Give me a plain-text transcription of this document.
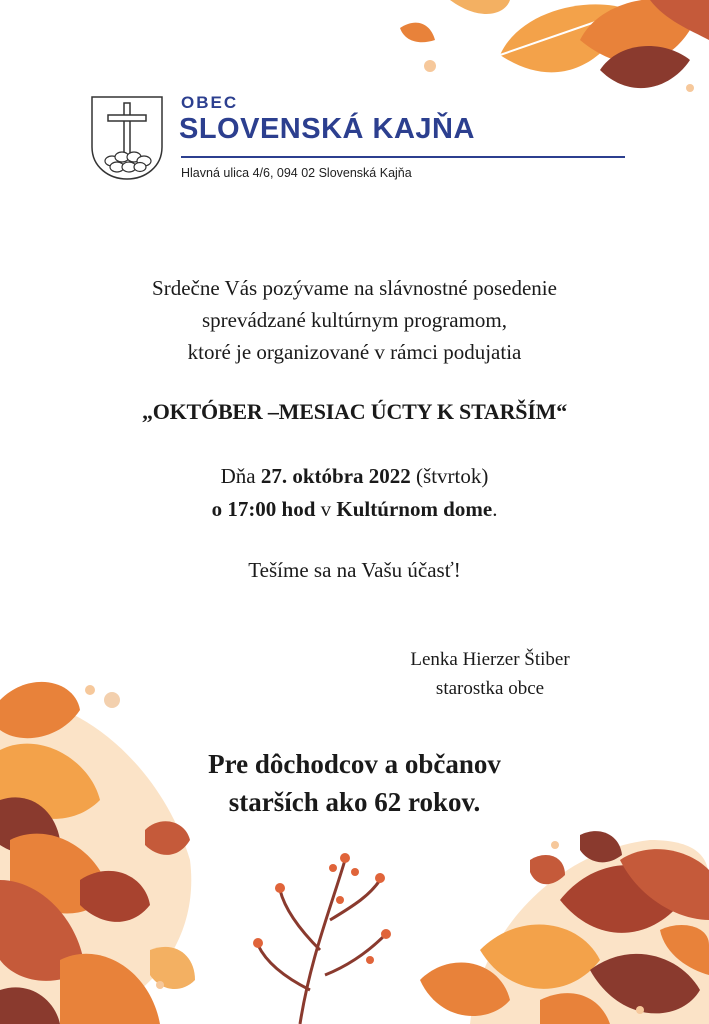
OBEC
SLOVENSKÁ KAJŇA
Hlavná ulica 4/6, 094 02 Slovenská Kajňa
Srdečne Vás pozývame na slávnostné posedenie
sprevádzané kultúrnym programom,
ktoré je organizované v rámci podujatia
„OKTÓBER –MESIAC ÚCTY K STARŠÍM“
Dňa 27. októbra 2022 (štvrtok)
o 17:00 hod v Kultúrnom dome.
Tešíme sa na Vašu účasť!
Lenka Hierzer Štiber
starostka obce
Pre dôchodcov a občanov
starších ako 62 rokov.
